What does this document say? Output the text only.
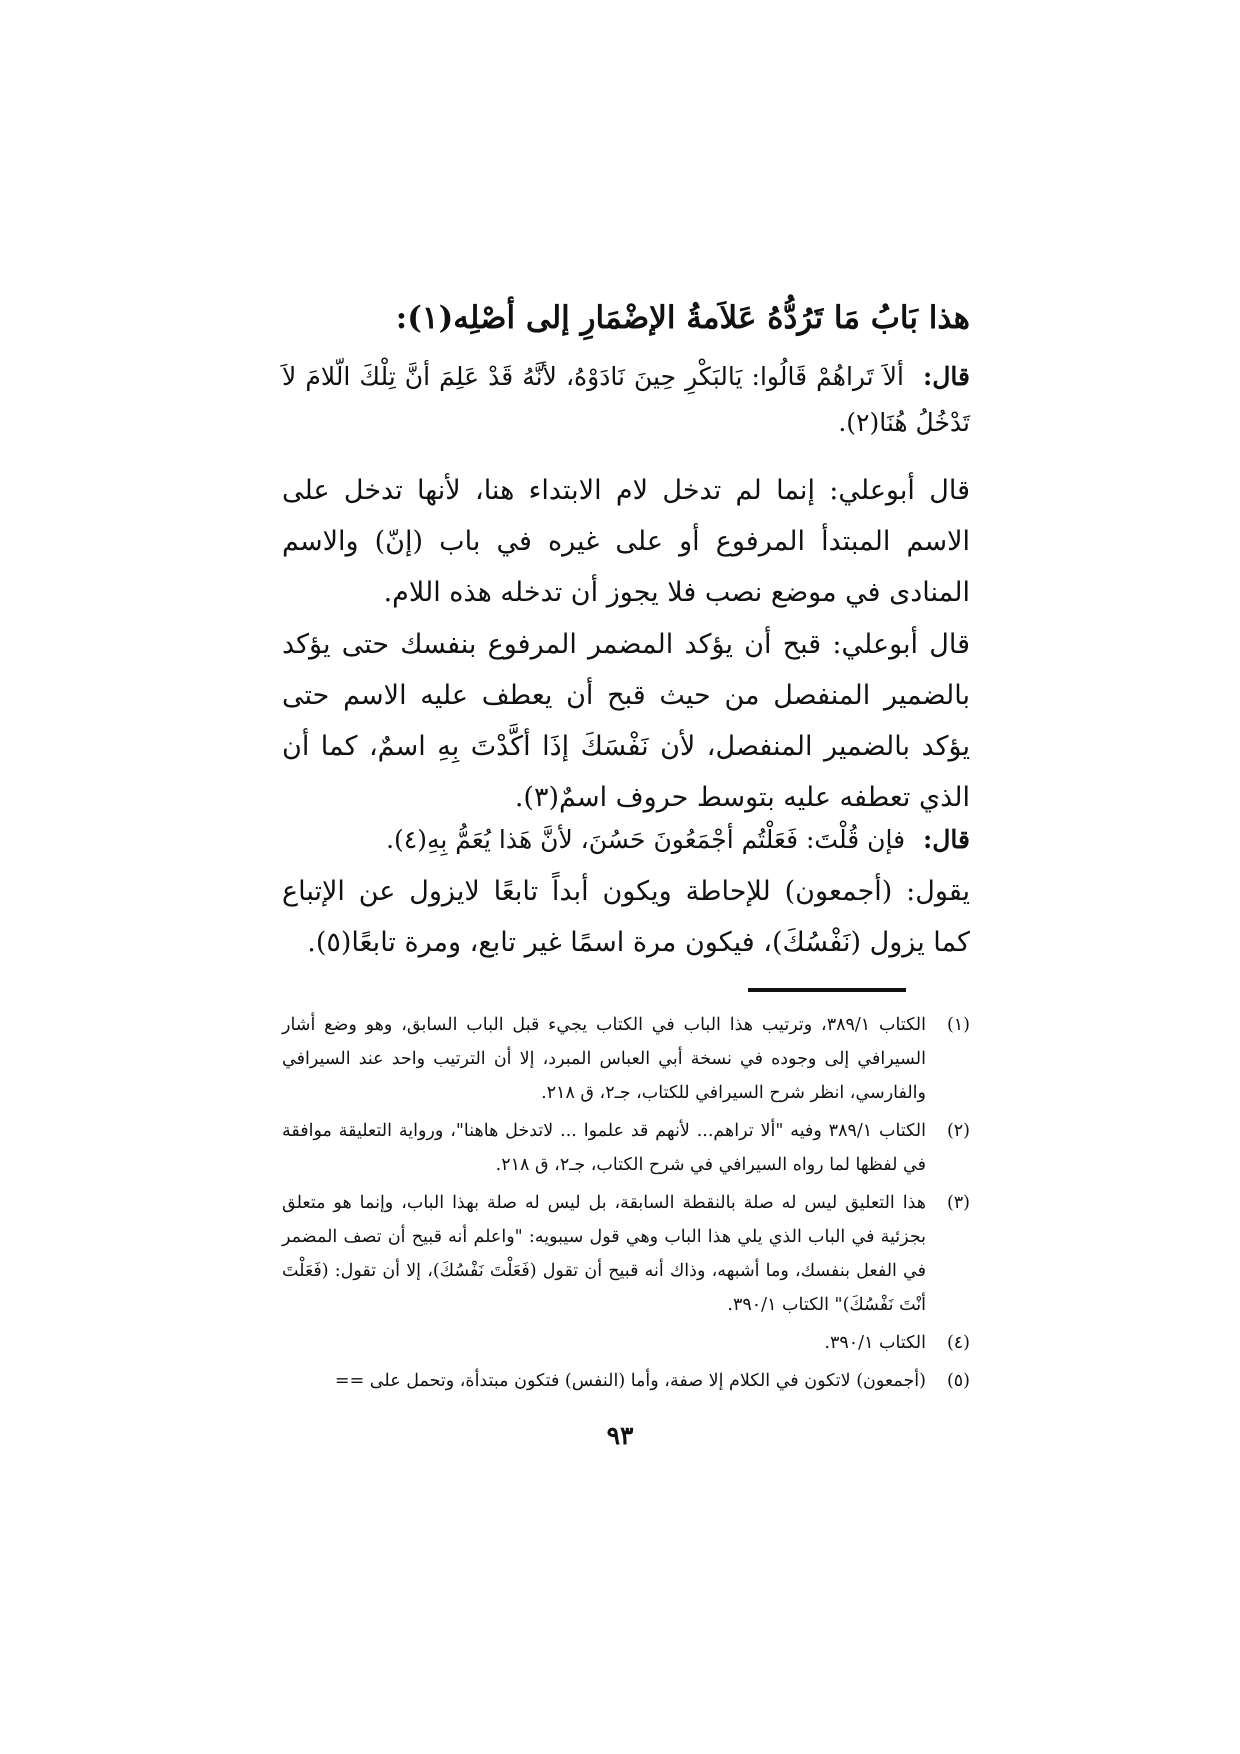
هذا بَابُ مَا تَرُدُّهُ عَلاَمةُ الإضْمَارِ إلى أصْلِه(١):
قال: ألاَ تَراهُمْ قَالُوا: يَالبَكْرِ حِينَ نَادَوْهُ، لأنَّهُ قَدْ عَلِمَ أنَّ تِلْكَ الّلامَ لاَ تَدْخُلُ هُنَا(٢).
قال أبوعلي: إنما لم تدخل لام الابتداء هنا، لأنها تدخل على الاسم المبتدأ المرفوع أو على غيره في باب (إنّ) والاسم المنادى في موضع نصب فلا يجوز أن تدخله هذه اللام.
قال أبوعلي: قبح أن يؤكد المضمر المرفوع بنفسك حتى يؤكد بالضمير المنفصل من حيث قبح أن يعطف عليه الاسم حتى يؤكد بالضمير المنفصل، لأن نَفْسَكَ إذَا أكَّدْتَ بِهِ اسمٌ، كما أن الذي تعطفه عليه بتوسط حروف اسمٌ(٣).
قال: فإن قُلْتَ: فَعَلْتُم أجْمَعُونَ حَسُنَ، لأنَّ هَذا يُعَمُّ بِهِ(٤).
يقول: (أجمعون) للإحاطة ويكون أبداً تابعًا لايزول عن الإتباع كما يزول (نَفْسُكَ)، فيكون مرة اسمًا غير تابع، ومرة تابعًا(٥).
(١)
الكتاب ٣٨٩/١، وترتيب هذا الباب في الكتاب يجيء قبل الباب السابق، وهو وضع أشار السيرافي إلى وجوده في نسخة أبي العباس المبرد، إلا أن الترتيب واحد عند السيرافي والفارسي، انظر شرح السيرافي للكتاب، جـ٢، ق ٢١٨.
(٢)
الكتاب ٣٨٩/١ وفيه "ألا تراهم... لأنهم قد علموا ... لاتدخل هاهنا"، ورواية التعليقة موافقة في لفظها لما رواه السيرافي في شرح الكتاب، جـ٢، ق ٢١٨.
(٣)
هذا التعليق ليس له صلة بالنقطة السابقة، بل ليس له صلة بهذا الباب، وإنما هو متعلق بجزئية في الباب الذي يلي هذا الباب وهي قول سيبويه: "واعلم أنه قبيح أن تصف المضمر في الفعل بنفسك، وما أشبهه، وذاك أنه قبيح أن تقول (فَعَلْتَ نَفْسُكَ)، إلا أن تقول: (فَعَلْتَ أنْتَ نَفْسُكَ)" الكتاب ٣٩٠/١.
(٤)
الكتاب ٣٩٠/١.
(٥)
(أجمعون) لاتكون في الكلام إلا صفة، وأما (النفس) فتكون مبتدأة، وتحمل على ==
٩٣
